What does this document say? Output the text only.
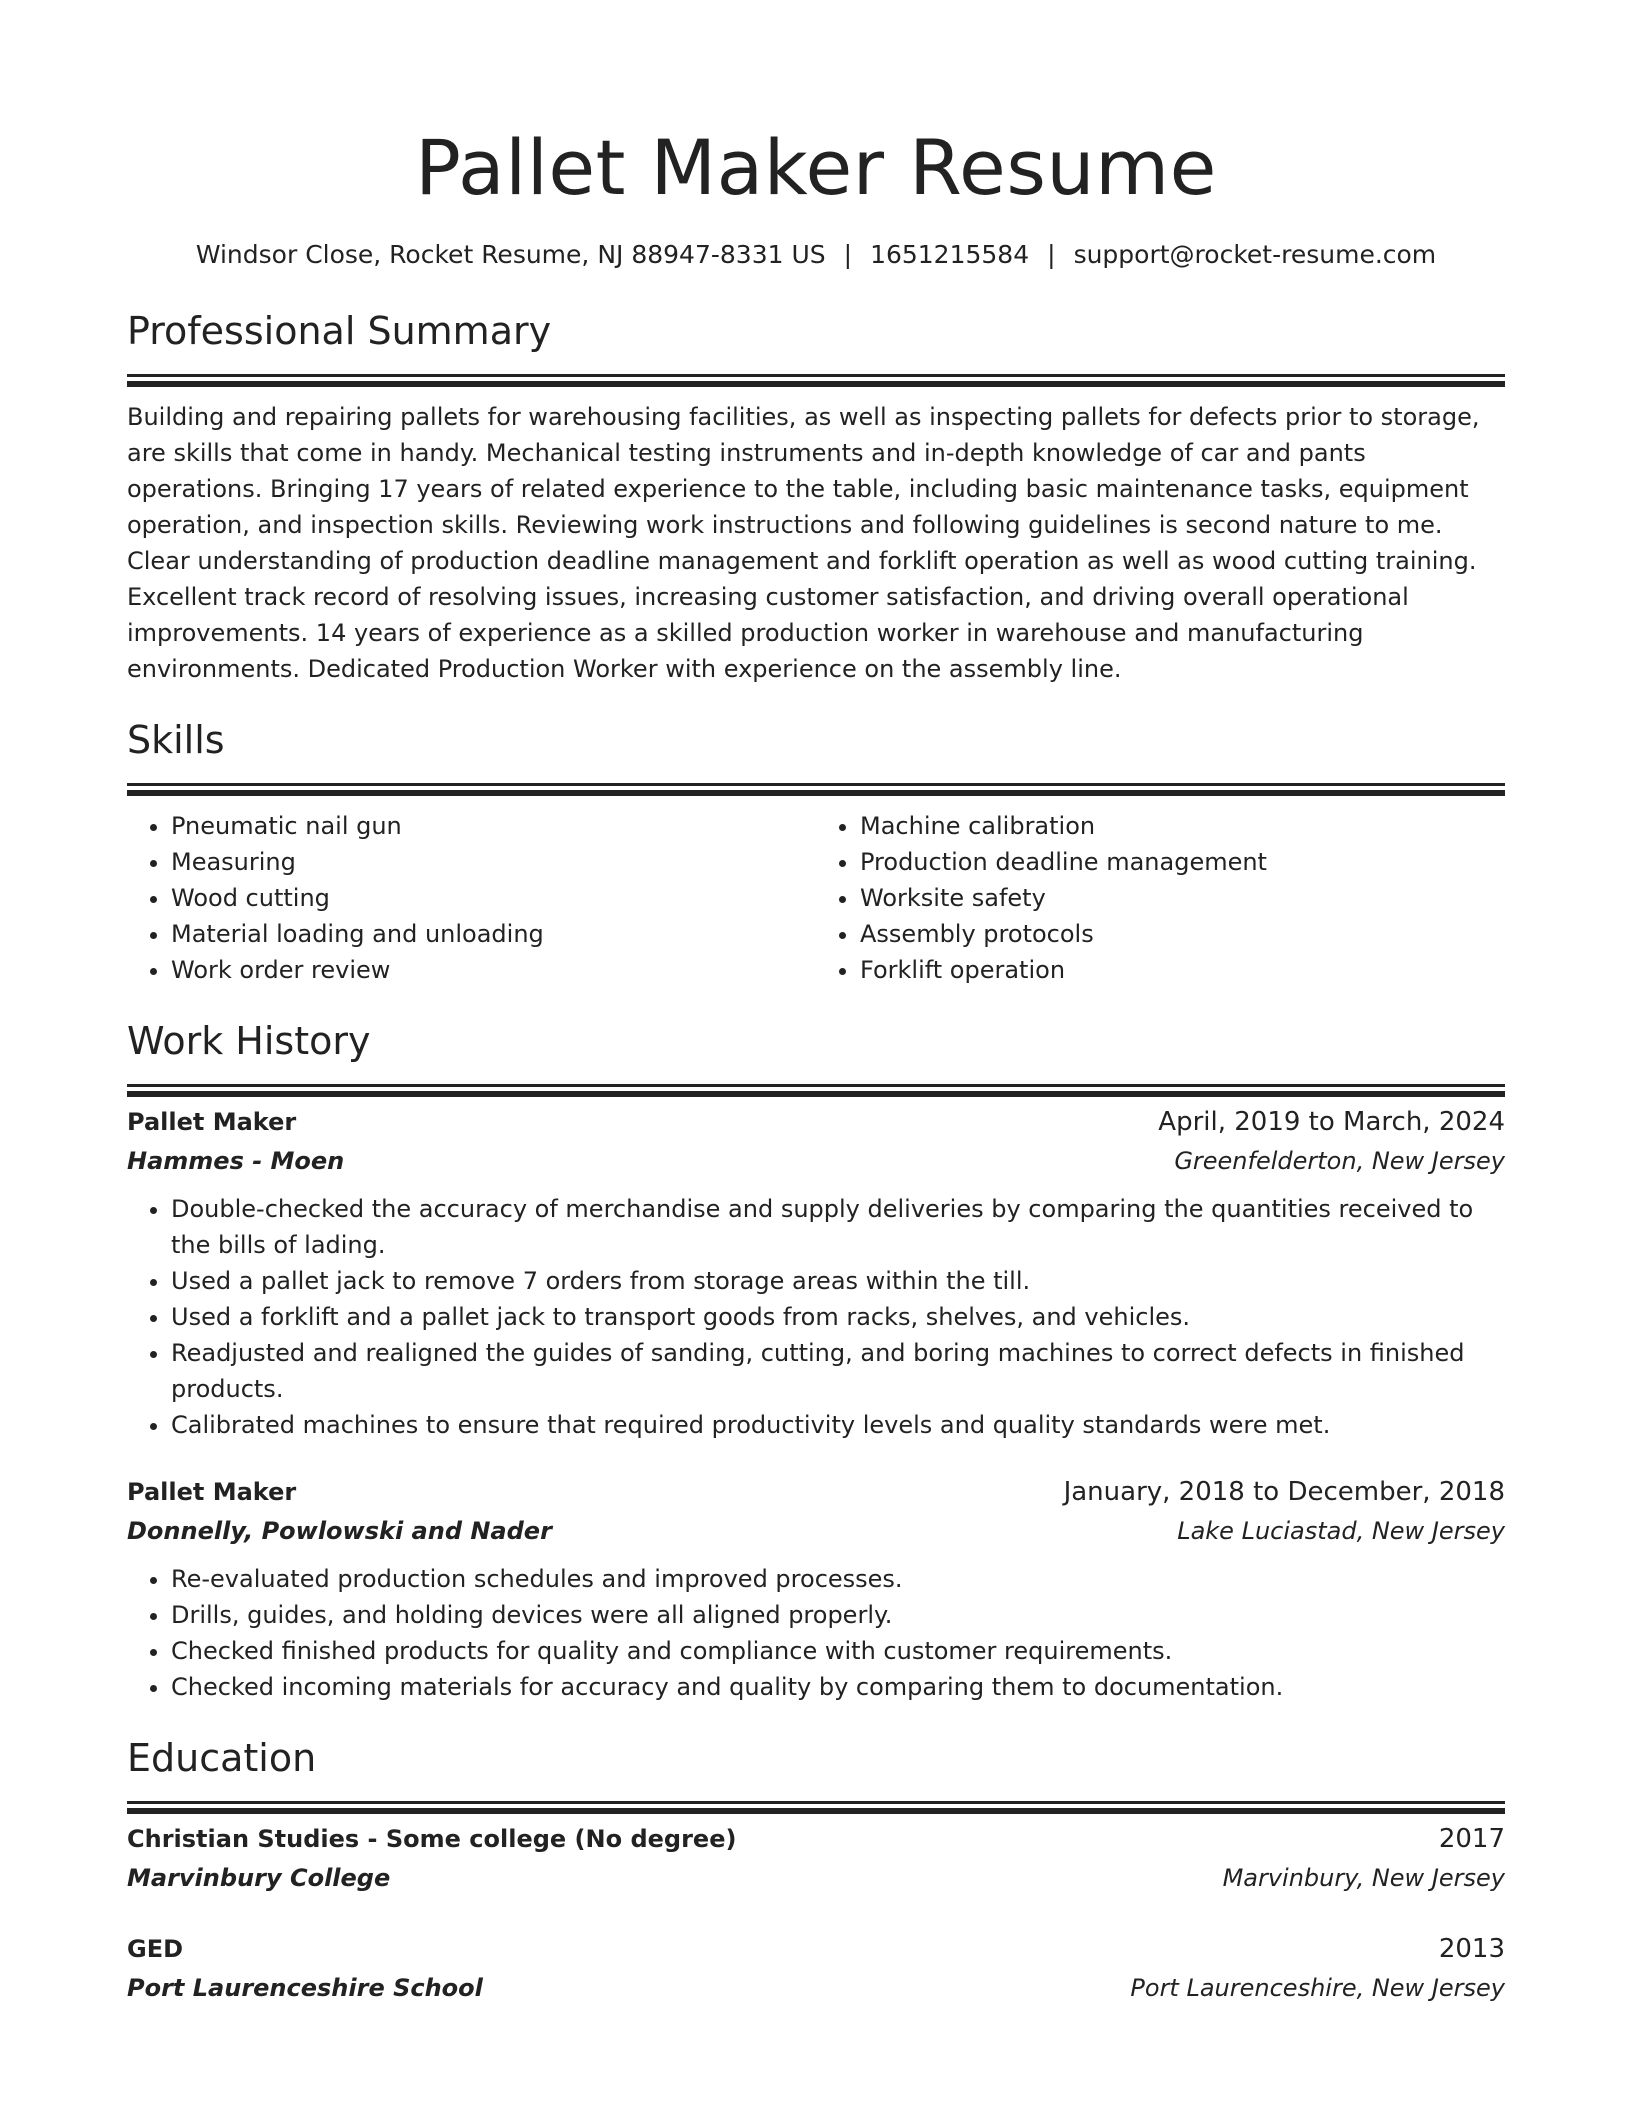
Pallet Maker Resume
Windsor Close, Rocket Resume, NJ 88947-8331 US | 1651215584 | support@rocket-resume.com
Professional Summary

Building and repairing pallets for warehousing facilities, as well as inspecting pallets for defects prior to storage, are skills that come in handy. Mechanical testing instruments and in-depth knowledge of car and pants operations. Bringing 17 years of related experience to the table, including basic maintenance tasks, equipment operation, and inspection skills. Reviewing work instructions and following guidelines is second nature to me. Clear understanding of production deadline management and forklift operation as well as wood cutting training. Excellent track record of resolving issues, increasing customer satisfaction, and driving overall operational improvements. 14 years of experience as a skilled production worker in warehouse and manufacturing environments. Dedicated Production Worker with experience on the assembly line.

Skills
• Pneumatic nail gun
• Measuring
• Wood cutting
• Material loading and unloading
• Work order review
• Machine calibration
• Production deadline management
• Worksite safety
• Assembly protocols
• Forklift operation
Work History
Pallet Maker	April, 2019 to March, 2024
Hammes - Moen	Greenfelderton, New Jersey
• Double-checked the accuracy of merchandise and supply deliveries by comparing the quantities received to the bills of lading.
• Used a pallet jack to remove 7 orders from storage areas within the till.
• Used a forklift and a pallet jack to transport goods from racks, shelves, and vehicles.
• Readjusted and realigned the guides of sanding, cutting, and boring machines to correct defects in finished products.
• Calibrated machines to ensure that required productivity levels and quality standards were met.
Pallet Maker	January, 2018 to December, 2018
Donnelly, Powlowski and Nader	Lake Luciastad, New Jersey
• Re-evaluated production schedules and improved processes.
• Drills, guides, and holding devices were all aligned properly.
• Checked finished products for quality and compliance with customer requirements.
• Checked incoming materials for accuracy and quality by comparing them to documentation.
Education
Christian Studies - Some college (No degree)	2017
Marvinbury College	Marvinbury, New Jersey
GED	2013
Port Laurenceshire School	Port Laurenceshire, New Jersey
